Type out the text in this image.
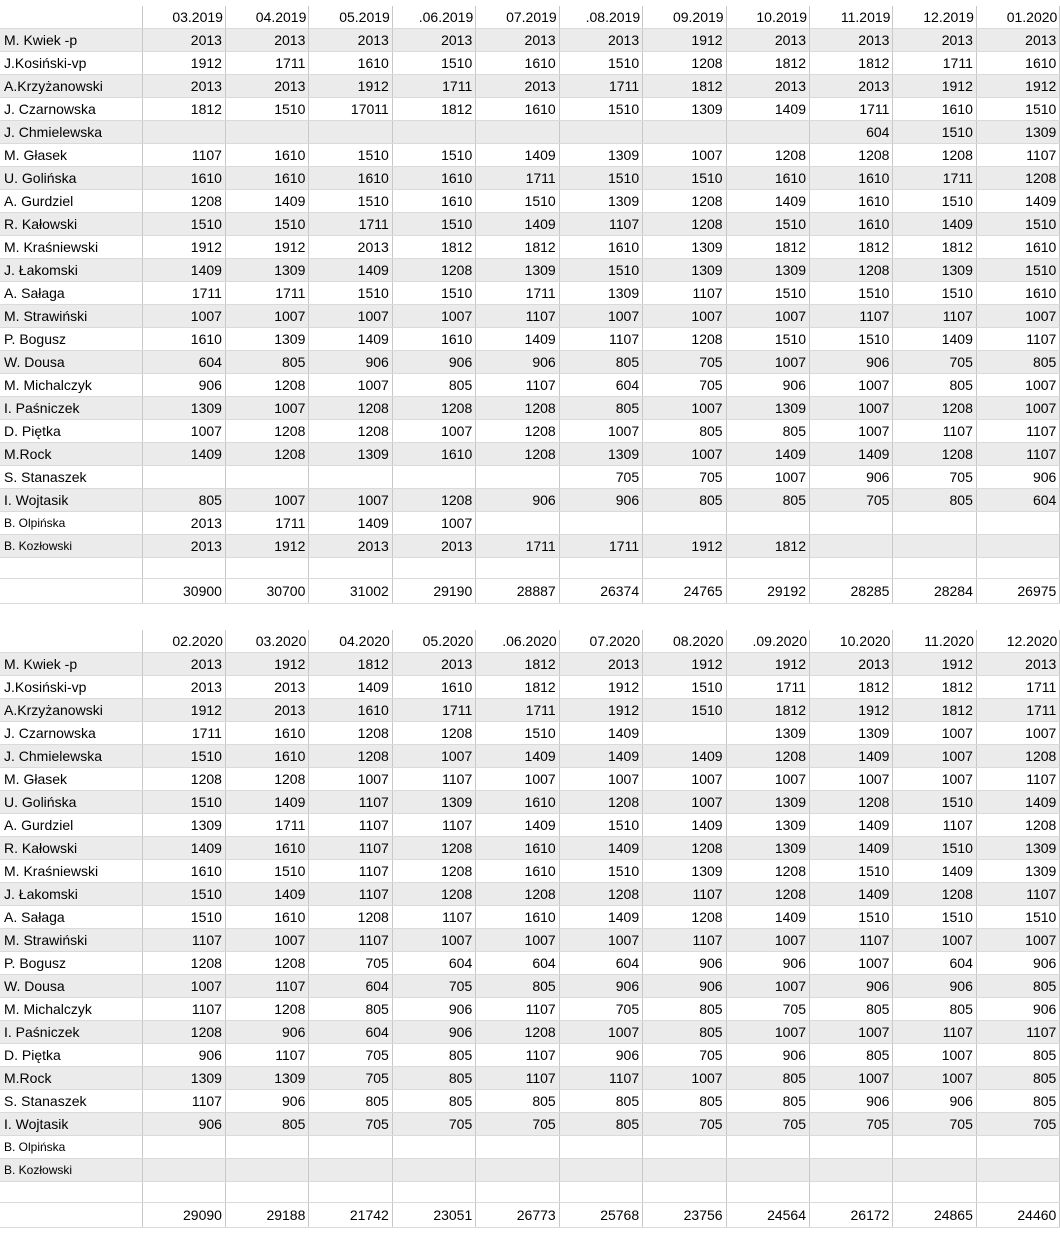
	03.2019	04.2019	05.2019	.06.2019	07.2019	.08.2019	09.2019	10.2019	11.2019	12.2019	01.2020
M. Kwiek -p	2013	2013	2013	2013	2013	2013	1912	2013	2013	2013	2013
J.Kosiński-vp	1912	1711	1610	1510	1610	1510	1208	1812	1812	1711	1610
A.Krzyżanowski	2013	2013	1912	1711	2013	1711	1812	2013	2013	1912	1912
J. Czarnowska	1812	1510	17011	1812	1610	1510	1309	1409	1711	1610	1510
J. Chmielewska									604	1510	1309
M. Głasek	1107	1610	1510	1510	1409	1309	1007	1208	1208	1208	1107
U. Golińska	1610	1610	1610	1610	1711	1510	1510	1610	1610	1711	1208
A. Gurdziel	1208	1409	1510	1610	1510	1309	1208	1409	1610	1510	1409
R. Kałowski	1510	1510	1711	1510	1409	1107	1208	1510	1610	1409	1510
M. Kraśniewski	1912	1912	2013	1812	1812	1610	1309	1812	1812	1812	1610
J. Łakomski	1409	1309	1409	1208	1309	1510	1309	1309	1208	1309	1510
A. Sałaga	1711	1711	1510	1510	1711	1309	1107	1510	1510	1510	1610
M. Strawiński	1007	1007	1007	1007	1107	1007	1007	1007	1107	1107	1007
P. Bogusz	1610	1309	1409	1610	1409	1107	1208	1510	1510	1409	1107
W. Dousa	604	805	906	906	906	805	705	1007	906	705	805
M. Michalczyk	906	1208	1007	805	1107	604	705	906	1007	805	1007
I. Paśniczek	1309	1007	1208	1208	1208	805	1007	1309	1007	1208	1007
D. Piętka	1007	1208	1208	1007	1208	1007	805	805	1007	1107	1107
M.Rock	1409	1208	1309	1610	1208	1309	1007	1409	1409	1208	1107
S. Stanaszek						705	705	1007	906	705	906
I. Wojtasik	805	1007	1007	1208	906	906	805	805	705	805	604
B. Olpińska	2013	1711	1409	1007							
B. Kozłowski	2013	1912	2013	2013	1711	1711	1912	1812			

	30900	30700	31002	29190	28887	26374	24765	29192	28285	28284	26975
	02.2020	03.2020	04.2020	05.2020	.06.2020	07.2020	08.2020	.09.2020	10.2020	11.2020	12.2020
M. Kwiek -p	2013	1912	1812	2013	1812	2013	1912	1912	2013	1912	2013
J.Kosiński-vp	2013	2013	1409	1610	1812	1912	1510	1711	1812	1812	1711
A.Krzyżanowski	1912	2013	1610	1711	1711	1912	1510	1812	1912	1812	1711
J. Czarnowska	1711	1610	1208	1208	1510	1409		1309	1309	1007	1007
J. Chmielewska	1510	1610	1208	1007	1409	1409	1409	1208	1409	1007	1208
M. Głasek	1208	1208	1007	1107	1007	1007	1007	1007	1007	1007	1107
U. Golińska	1510	1409	1107	1309	1610	1208	1007	1309	1208	1510	1409
A. Gurdziel	1309	1711	1107	1107	1409	1510	1409	1309	1409	1107	1208
R. Kałowski	1409	1610	1107	1208	1610	1409	1208	1309	1409	1510	1309
M. Kraśniewski	1610	1510	1107	1208	1610	1510	1309	1208	1510	1409	1309
J. Łakomski	1510	1409	1107	1208	1208	1208	1107	1208	1409	1208	1107
A. Sałaga	1510	1610	1208	1107	1610	1409	1208	1409	1510	1510	1510
M. Strawiński	1107	1007	1107	1007	1007	1007	1107	1007	1107	1007	1007
P. Bogusz	1208	1208	705	604	604	604	906	906	1007	604	906
W. Dousa	1007	1107	604	705	805	906	906	1007	906	906	805
M. Michalczyk	1107	1208	805	906	1107	705	805	705	805	805	906
I. Paśniczek	1208	906	604	906	1208	1007	805	1007	1007	1107	1107
D. Piętka	906	1107	705	805	1107	906	705	906	805	1007	805
M.Rock	1309	1309	705	805	1107	1107	1007	805	1007	1007	805
S. Stanaszek	1107	906	805	805	805	805	805	805	906	906	805
I. Wojtasik	906	805	705	705	705	805	705	705	705	705	705
B. Olpińska											
B. Kozłowski											

	29090	29188	21742	23051	26773	25768	23756	24564	26172	24865	24460
